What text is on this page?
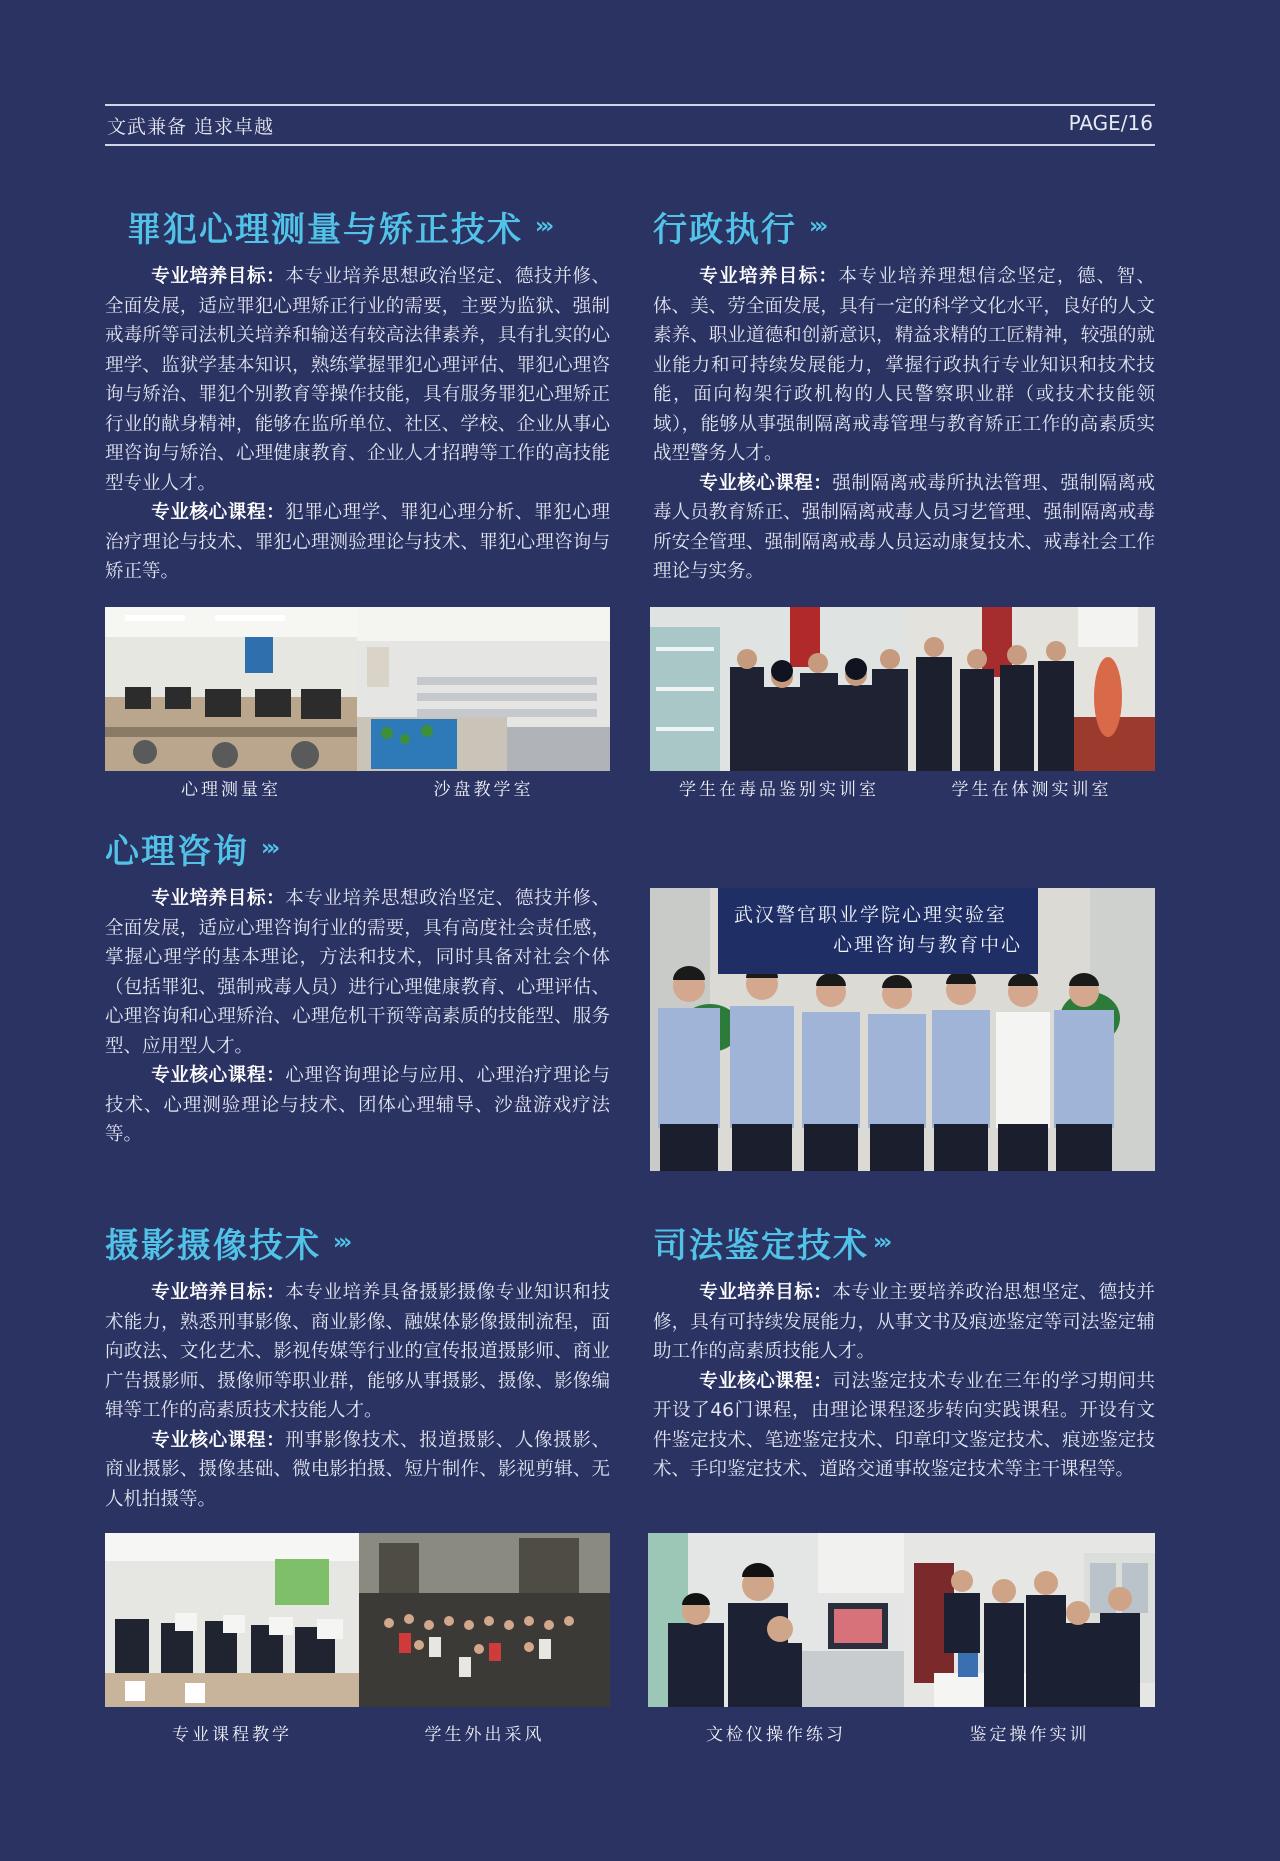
文武兼备 追求卓越	PAGE/16
罪犯心理测量与矫正技术 ›››

专业培养目标：本专业培养思想政治坚定、德技并修、全面发展，适应罪犯心理矫正行业的需要，主要为监狱、强制戒毒所等司法机关培养和输送有较高法律素养，具有扎实的心理学、监狱学基本知识，熟练掌握罪犯心理评估、罪犯心理咨询与矫治、罪犯个别教育等操作技能，具有服务罪犯心理矫正行业的献身精神，能够在监所单位、社区、学校、企业从事心理咨询与矫治、心理健康教育、企业人才招聘等工作的高技能型专业人才。

专业核心课程：犯罪心理学、罪犯心理分析、罪犯心理治疗理论与技术、罪犯心理测验理论与技术、罪犯心理咨询与矫正等。

心理测量室	沙盘教学室
行政执行 ›››

专业培养目标：本专业培养理想信念坚定，德、智、体、美、劳全面发展，具有一定的科学文化水平，良好的人文素养、职业道德和创新意识，精益求精的工匠精神，较强的就业能力和可持续发展能力，掌握行政执行专业知识和技术技能，面向构架行政机构的人民警察职业群（或技术技能领域），能够从事强制隔离戒毒管理与教育矫正工作的高素质实战型警务人才。

专业核心课程：强制隔离戒毒所执法管理、强制隔离戒毒人员教育矫正、强制隔离戒毒人员习艺管理、强制隔离戒毒所安全管理、强制隔离戒毒人员运动康复技术、戒毒社会工作理论与实务。

学生在毒品鉴别实训室	学生在体测实训室
心理咨询 ›››

专业培养目标：本专业培养思想政治坚定、德技并修、全面发展，适应心理咨询行业的需要，具有高度社会责任感，掌握心理学的基本理论，方法和技术，同时具备对社会个体（包括罪犯、强制戒毒人员）进行心理健康教育、心理评估、心理咨询和心理矫治、心理危机干预等高素质的技能型、服务型、应用型人才。

专业核心课程：心理咨询理论与应用、心理治疗理论与技术、心理测验理论与技术、团体心理辅导、沙盘游戏疗法等。

武汉警官职业学院心理实验室
心理咨询与教育中心
摄影摄像技术 ›››

专业培养目标：本专业培养具备摄影摄像专业知识和技术能力，熟悉刑事影像、商业影像、融媒体影像摄制流程，面向政法、文化艺术、影视传媒等行业的宣传报道摄影师、商业广告摄影师、摄像师等职业群，能够从事摄影、摄像、影像编辑等工作的高素质技术技能人才。

专业核心课程：刑事影像技术、报道摄影、人像摄影、商业摄影、摄像基础、微电影拍摄、短片制作、影视剪辑、无人机拍摄等。

专业课程教学	学生外出采风
司法鉴定技术 ›››

专业培养目标：本专业主要培养政治思想坚定、德技并修，具有可持续发展能力，从事文书及痕迹鉴定等司法鉴定辅助工作的高素质技能人才。

专业核心课程：司法鉴定技术专业在三年的学习期间共开设了46门课程，由理论课程逐步转向实践课程。开设有文件鉴定技术、笔迹鉴定技术、印章印文鉴定技术、痕迹鉴定技术、手印鉴定技术、道路交通事故鉴定技术等主干课程等。

文检仪操作练习	鉴定操作实训
